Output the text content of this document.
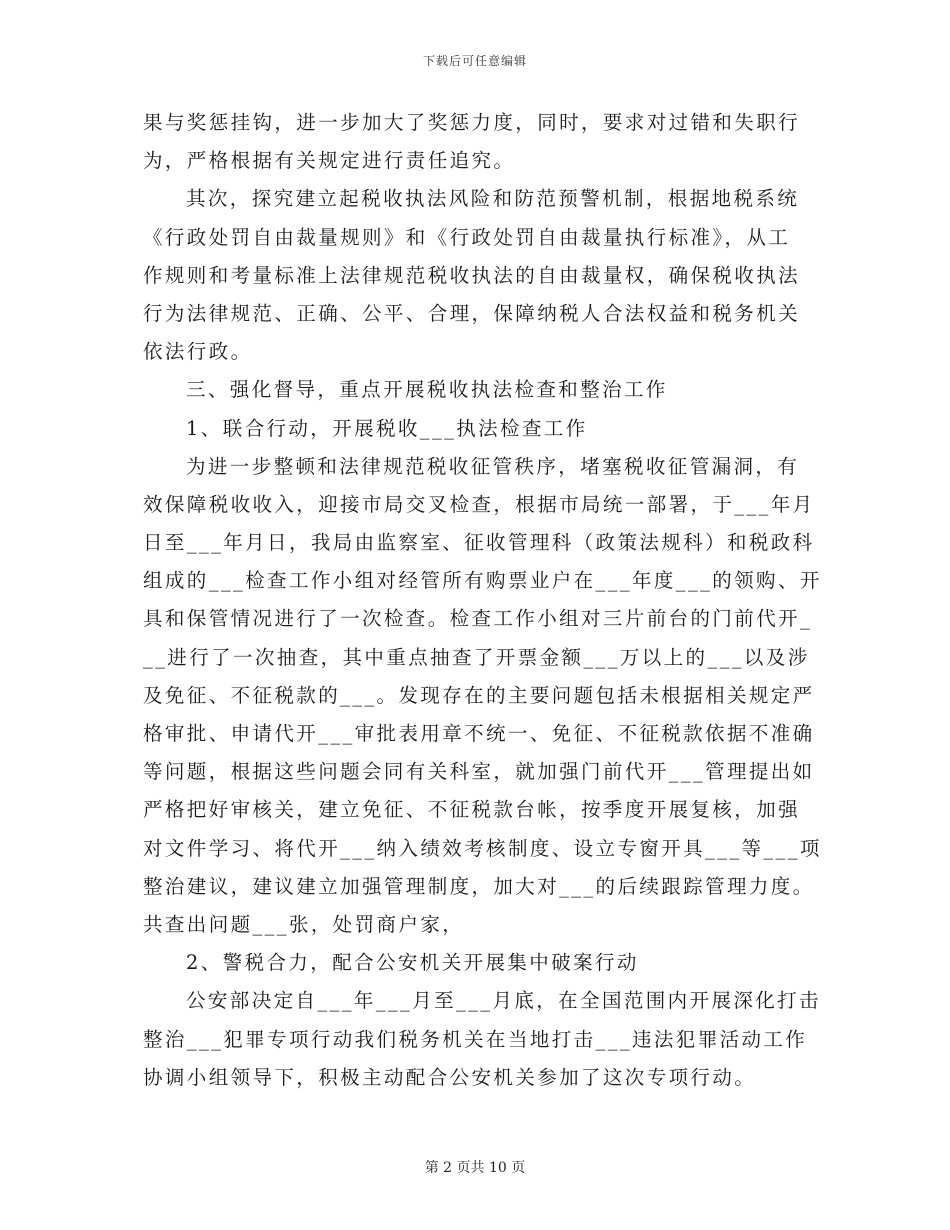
下载后可任意编辑
果与奖惩挂钩，进一步加大了奖惩力度，同时，要求对过错和失职行
为，严格根据有关规定进行责任追究。
其次，探究建立起税收执法风险和防范预警机制，根据地税系统
《行政处罚自由裁量规则》和《行政处罚自由裁量执行标准》，从工
作规则和考量标准上法律规范税收执法的自由裁量权，确保税收执法
行为法律规范、正确、公平、合理，保障纳税人合法权益和税务机关
依法行政。
三、强化督导，重点开展税收执法检查和整治工作
1、联合行动，开展税收___执法检查工作
为进一步整顿和法律规范税收征管秩序，堵塞税收征管漏洞，有
效保障税收收入，迎接市局交叉检查，根据市局统一部署，于___年月
日至___年月日，我局由监察室、征收管理科（政策法规科）和税政科
组成的___检查工作小组对经管所有购票业户在___年度___的领购、开
具和保管情况进行了一次检查。检查工作小组对三片前台的门前代开_
__进行了一次抽查，其中重点抽查了开票金额___万以上的___以及涉
及免征、不征税款的___。发现存在的主要问题包括未根据相关规定严
格审批、申请代开___审批表用章不统一、免征、不征税款依据不准确
等问题，根据这些问题会同有关科室，就加强门前代开___管理提出如
严格把好审核关，建立免征、不征税款台帐，按季度开展复核，加强
对文件学习、将代开___纳入绩效考核制度、设立专窗开具___等___项
整治建议，建议建立加强管理制度，加大对___的后续跟踪管理力度。
共查出问题___张，处罚商户家，
2、警税合力，配合公安机关开展集中破案行动
公安部决定自___年___月至___月底，在全国范围内开展深化打击
整治___犯罪专项行动我们税务机关在当地打击___违法犯罪活动工作
协调小组领导下，积极主动配合公安机关参加了这次专项行动。
第 2 页共 10 页
